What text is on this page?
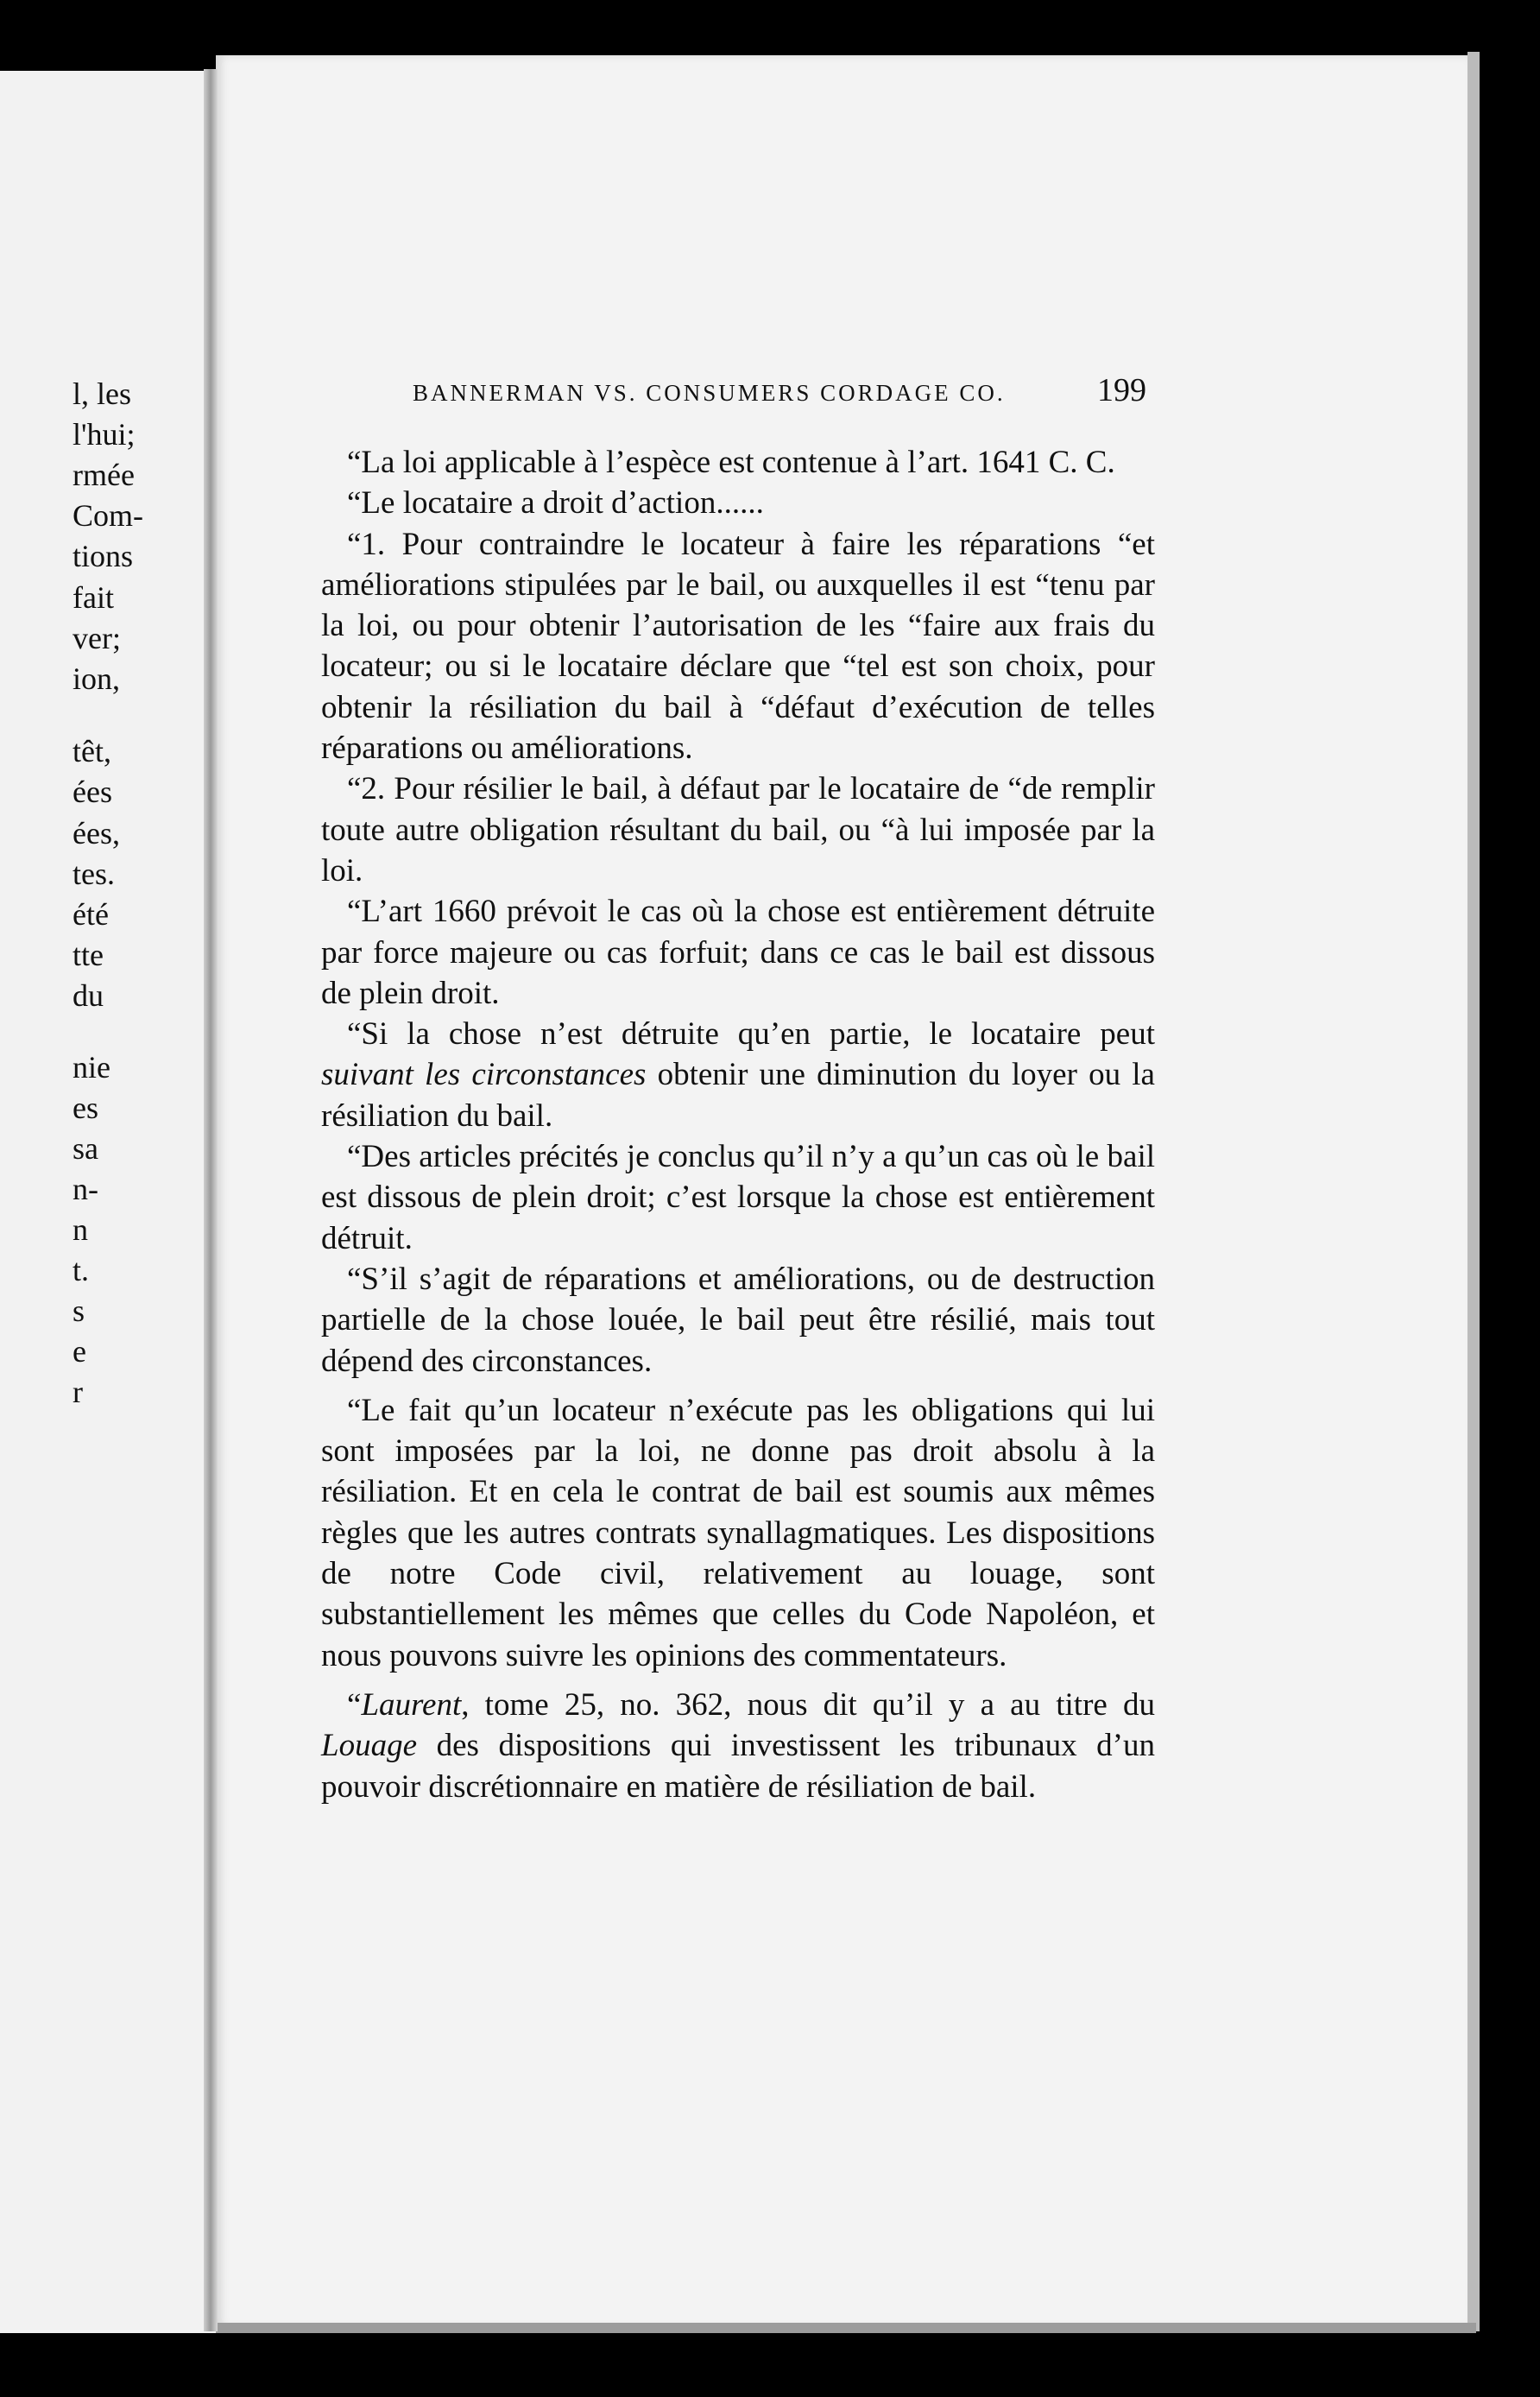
l, les
l'hui;
rmée
Com-
tions
fait
ver;
ion,
têt,
ées
ées,
tes.
été
tte
du
nie
es
sa
n-
n
t.
s
e
r
BANNERMAN VS. CONSUMERS CORDAGE CO.	199

“La loi applicable à l’espèce est contenue à l’art. 1641 C. C.

“Le locataire a droit d’action......

“1. Pour contraindre le locateur à faire les réparations “et améliorations stipulées par le bail, ou auxquelles il est “tenu par la loi, ou pour obtenir l’autorisation de les “faire aux frais du locateur; ou si le locataire déclare que “tel est son choix, pour obtenir la résiliation du bail à “défaut d’exécution de telles réparations ou améliorations.

“2. Pour résilier le bail, à défaut par le locataire de “de remplir toute autre obligation résultant du bail, ou “à lui imposée par la loi.

“L’art 1660 prévoit le cas où la chose est entièrement détruite par force majeure ou cas forfuit; dans ce cas le bail est dissous de plein droit.

“Si la chose n’est détruite qu’en partie, le locataire peut suivant les circonstances obtenir une diminution du loyer ou la résiliation du bail.

“Des articles précités je conclus qu’il n’y a qu’un cas où le bail est dissous de plein droit; c’est lorsque la chose est entièrement détruit.

“S’il s’agit de réparations et améliorations, ou de destruction partielle de la chose louée, le bail peut être résilié, mais tout dépend des circonstances.

“Le fait qu’un locateur n’exécute pas les obligations qui lui sont imposées par la loi, ne donne pas droit absolu à la résiliation. Et en cela le contrat de bail est soumis aux mêmes règles que les autres contrats synallagmatiques. Les dispositions de notre Code civil, relativement au louage, sont substantiellement les mêmes que celles du Code Napoléon, et nous pouvons suivre les opinions des commentateurs.

“Laurent, tome 25, no. 362, nous dit qu’il y a au titre du Louage des dispositions qui investissent les tribunaux d’un pouvoir discrétionnaire en matière de résiliation de bail.
